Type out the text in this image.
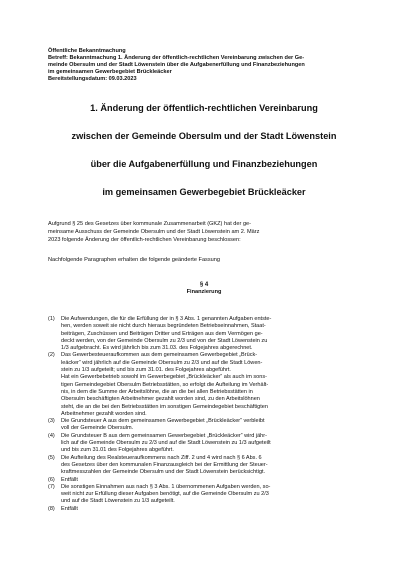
Öffentliche Bekanntmachung
Betreff: Bekanntmachung 1. Änderung der öffentlich-rechtlichen Vereinbarung zwischen der Ge-
meinde Obersulm und der Stadt Löwenstein über die Aufgabenerfüllung und Finanzbeziehungen
im gemeinsamen Gewerbegebiet Brückleäcker
Bereitstellungsdatum: 09.03.2023
1. Änderung der öffentlich-rechtlichen Vereinbarung
zwischen der Gemeinde Obersulm und der Stadt Löwenstein
über die Aufgabenerfüllung und Finanzbeziehungen
im gemeinsamen Gewerbegebiet Brückleäcker
Aufgrund § 25 des Gesetzes über kommunale Zusammenarbeit (GKZ) hat der ge-
meinsame Ausschuss der Gemeinde Obersulm und der Stadt Löwenstein am 2. März
2023 folgende Änderung der öffentlich-rechtlichen Vereinbarung beschlossen:
Nachfolgende Paragraphen erhalten die folgende geänderte Fassung
§ 4
Finanzierung
(1)	Die Aufwendungen, die für die Erfüllung der in § 3 Abs. 1 genannten Aufgaben entste-
hen, werden soweit sie nicht durch hieraus begründeten Betriebseinnahmen, Staat-
beiträgen, Zuschüssen und Beiträgen Dritter und Erträgen aus dem Vermögen ge-
deckt werden, von der Gemeinde Obersulm zu 2/3 und von der Stadt Löwenstein zu
1/3 aufgebracht. Es wird jährlich bis zum 31.03. des Folgejahres abgerechnet.
(2)	Das Gewerbesteueraufkommen aus dem gemeinsamen Gewerbegebiet „Brück-
leäcker“ wird jährlich auf die Gemeinde Obersulm zu 2/3 und auf die Stadt Löwen-
stein zu 1/3 aufgeteilt; und bis zum 31.01. des Folgejahres abgeführt.
Hat ein Gewerbebetrieb sowohl im Gewerbegebiet „Brückleäcker“ als auch im sons-
tigen Gemeindegebiet Obersulm Betriebsstätten, so erfolgt die Aufteilung im Verhält-
nis, in dem die Summe der Arbeitslöhne, die an die bei allen Betriebsstätten in
Obersulm beschäftigten Arbeitnehmer gezahlt worden sind, zu den Arbeitslöhnen
steht, die an die bei den Betriebsstätten im sonstigen Gemeindegebiet beschäftigten
Arbeitnehmer gezahlt worden sind.
(3)	Die Grundsteuer A aus dem gemeinsamen Gewerbegebiet „Brückleäcker“ verbleibt
voll der Gemeinde Obersulm.
(4)	Die Grundsteuer B aus dem gemeinsamen Gewerbegebiet „Brückleäcker“ wird jähr-
lich auf die Gemeinde Obersulm zu 2/3 und auf die Stadt Löwenstein zu 1/3 aufgeteilt
und bis zum 31.01 des Folgejahres abgeführt.
(5)	Die Aufteilung des Realsteueraufkommens nach Ziff. 2 und 4 wird nach § 6 Abs. 6
des Gesetzes über den kommunalen Finanzausgleich bei der Ermittlung der Steuer-
kraftmesszahlen der Gemeinde Obersulm und der Stadt Löwenstein berücksichtigt.
(6)	Entfällt
(7)	Die sonstigen Einnahmen aus nach § 3 Abs. 1 übernommenen Aufgaben werden, so-
weit nicht zur Erfüllung dieser Aufgaben benötigt, auf die Gemeinde Obersulm zu 2/3
und auf die Stadt Löwenstein zu 1/3 aufgeteilt.
(8)	Entfällt
